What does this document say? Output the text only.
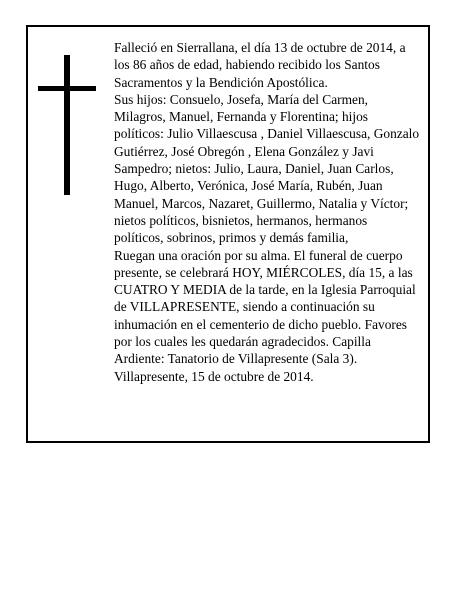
Falleció en Sierrallana, el día 13 de octubre de 2014, a los 86 años de edad, habiendo recibido los Santos Sacramentos y la Bendición Apostólica.

Sus hijos: Consuelo, Josefa, María del Carmen, Milagros, Manuel, Fernanda y Florentina; hijos políticos: Julio Villaescusa , Daniel Villaescusa, Gonzalo Gutiérrez, José Obregón , Elena González y Javi Sampedro; nietos: Julio, Laura, Daniel, Juan Carlos, Hugo, Alberto, Verónica, José María, Rubén, Juan Manuel, Marcos, Nazaret, Guillermo, Natalia y Víctor; nietos políticos, bisnietos, hermanos, hermanos políticos, sobrinos, primos y demás familia,

Ruegan una oración por su alma. El funeral de cuerpo presente, se celebrará HOY, MIÉRCOLES, día 15, a las CUATRO Y MEDIA de la tarde, en la Iglesia Parroquial de VILLAPRESENTE, siendo a continuación su inhumación en el cementerio de dicho pueblo. Favores por los cuales les quedarán agradecidos. Capilla Ardiente: Tanatorio de Villapresente (Sala 3).

Villapresente, 15 de octubre de 2014.
